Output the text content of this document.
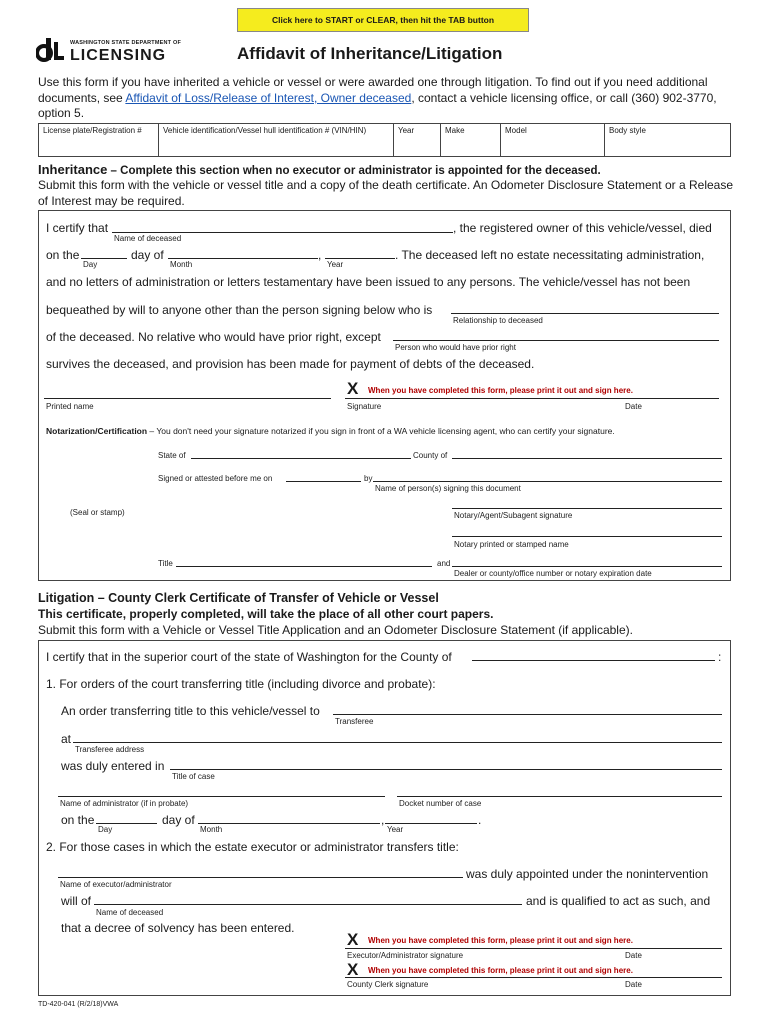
Click here to START or CLEAR, then hit the TAB button
WASHINGTON STATE DEPARTMENT OF
LICENSING	Affidavit of Inheritance/Litigation
Use this form if you have inherited a vehicle or vessel or were awarded one through litigation. To find out if you need additional documents, see Affidavit of Loss/Release of Interest, Owner deceased, contact a vehicle licensing office, or call (360) 902-3770, option 5.
License plate/Registration #	Vehicle identification/Vessel hull identification # (VIN/HIN)	Year	Make	Model	Body style
Inheritance – Complete this section when no executor or administrator is appointed for the deceased.
Submit this form with the vehicle or vessel title and a copy of the death certificate. An Odometer Disclosure Statement or a Release of Interest may be required.
I certify that
Name of deceased
, the registered owner of this vehicle/vessel, died
on the
Day
day of
Month
,
Year
. The deceased left no estate necessitating administration,
and no letters of administration or letters testamentary have been issued to any persons. The vehicle/vessel has not been
bequeathed by will to anyone other than the person signing below who is
Relationship to deceased
of the deceased. No relative who would have prior right, except
Person who would have prior right
survives the deceased, and provision has been made for payment of debts of the deceased.
X When you have completed this form, please print it out and sign here.
Printed name	Signature	Date
Notarization/Certification – You don't need your signature notarized if you sign in front of a WA vehicle licensing agent, who can certify your signature.
State of	County of
Signed or attested before me on	by
Name of person(s) signing this document
(Seal or stamp)	Notary/Agent/Subagent signature
Notary printed or stamped name
Title	and
Dealer or county/office number or notary expiration date
Litigation – County Clerk Certificate of Transfer of Vehicle or Vessel
This certificate, properly completed, will take the place of all other court papers.
Submit this form with a Vehicle or Vessel Title Application and an Odometer Disclosure Statement (if applicable).
I certify that in the superior court of the state of Washington for the County of	:
1. For orders of the court transferring title (including divorce and probate):
An order transferring title to this vehicle/vessel to
Transferee
at
Transferee address
was duly entered in
Title of case
Name of administrator (if in probate)	Docket number of case
on the
Day
day of
Month
,
Year
.
2. For those cases in which the estate executor or administrator transfers title:
was duly appointed under the nonintervention
Name of executor/administrator
will of
Name of deceased
and is qualified to act as such, and
that a decree of solvency has been entered.
X When you have completed this form, please print it out and sign here.
Executor/Administrator signature	Date
X When you have completed this form, please print it out and sign here.
County Clerk signature	Date
TD-420-041 (R/2/18)VWA
